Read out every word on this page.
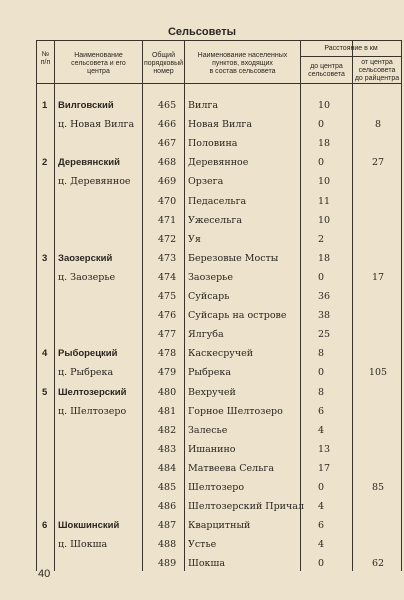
Сельсоветы
№
п/п
Наименование
сельсовета и его
центра
Общий
порядковый
номер
Наименование населенных
пунктов, входящих
в состав сельсовета
Расстояние в км
до центра
сельсовета
от центра
сельсовета
до райцентра
1 Вилговский	465 Вилга	10
ц. Новая Вилга	466 Новая Вилга	0	8
467 Половина	18
2 Деревянский	468 Деревянное	0	27
ц. Деревянное	469 Орзега	10
470 Педасельга	11
471 Ужесельга	10
472 Уя	2
3 Заозерский	473 Березовые Мосты	18
ц. Заозерье	474 Заозерье	0	17
475 Суйсарь	36
476 Суйсарь на острове	38
477 Ялгуба	25
4 Рыборецкий	478 Каскесручей	8
ц. Рыбрека	479 Рыбрека	0	105
5 Шелтозерский	480 Вехручей	8
ц. Шелтозеро	481 Горное Шелтозеро	6
482 Залесье	4
483 Ишанино	13
484 Матвеева Сельга	17
485 Шелтозеро	0	85
486 Шелтозерский Причал 4
6 Шокшинский	487 Кварцитный	6
ц. Шокша	488 Устье	4
489 Шокша	0	62
40
